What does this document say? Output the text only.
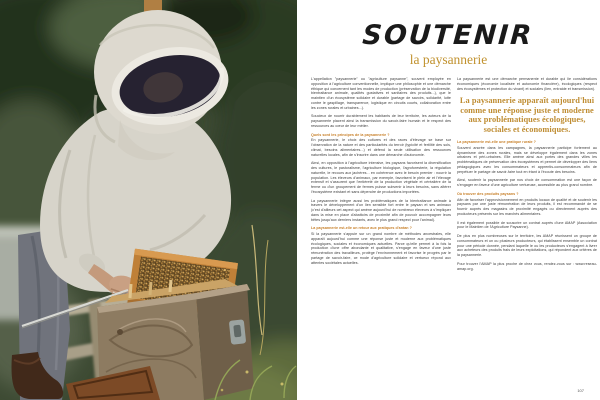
SOUTENIR
la paysannerie

L'appellation "paysannerie" ou "agriculture paysanne", souvent employée en opposition à l'agriculture conventionnelle, implique une philosophie et une démarche éthique qui concernent tant les modes de production (préservation de la biodiversité, bientraitance animale, qualités gustatives et sanitaires des produits...), que le maintien d'un écosystème solidaire et durable (partage de savoirs, solidarité, lutte contre le gaspillage, transparence, logistique en circuits courts, collaboration entre les zones rurales et urbaines...).

Soucieux de nourrir durablement les habitants de leur territoire, les acteurs de la paysannerie placent ainsi la transmission du savoir-faire humain et le respect des ressources au cœur de leur métier.

Quels sont les principes de la paysannerie ?

En paysannerie, le choix des cultures et des races d'élevage se base sur l'observation de la nature et des particularités du terroir (typicité et fertilité des sols, climat, besoins alimentaires...) et défend la seule utilisation des ressources naturelles locales, afin de s'inscrire dans une démarche d'autonomie.

Ainsi, en opposition à l'agriculture intensive, les paysans favorisent la diversification des cultures, le pastoralisme, l'agriculture biologique, l'agroforesterie, la régulation naturelle, le recours aux jachères... en cohérence avec le besoin premier : nourrir la population. Les éleveurs d'animaux, par exemple, favorisent le plein air et l'élevage extensif et s'assurent que l'entièreté de la production végétale et céréalière de la ferme ou d'un groupement de fermes puisse subvenir à leurs besoins, sans altérer l'écosystème existant et sans dépendre de productions importées.

La paysannerie intègre aussi les problématiques de la bientraitance animale à travers le développement d'un lien sensible fort entre le paysan et ses animaux (c'est d'ailleurs cet aspect qui amène aujourd'hui de nombreux éleveurs à s'impliquer dans la mise en place d'abattoirs de proximité afin de pouvoir accompagner leurs bêtes jusqu'aux derniers instants, avec le plus grand respect pour l'animal).

La paysannerie est-elle un retour aux pratiques d'antan ?

Si la paysannerie s'appuie sur un grand nombre de méthodes ancestrales, elle apparaît aujourd'hui comme une réponse juste et moderne aux problématiques écologiques, sociales et économiques actuelles. Parce qu'elle permet à la fois la production d'une offre abondante et qualitative, s'engage en faveur d'une juste rémunération des travailleurs, protège l'environnement et favorise le progrès par le partage de savoir-faire, ce mode d'agriculture solidaire et vertueux répond aux attentes sociétales actuelles.

La paysannerie est une démarche permanente et durable qui lie considérations économiques (économie localisée et autonomie financière), écologiques (respect des écosystèmes et protection du vivant) et sociales (lien, entraide et transmission).

La paysannerie apparaît aujourd'hui comme une réponse juste et moderne aux problématiques écologiques, sociales et économiques.

La paysannerie est-elle une pratique rurale ?

Souvent ancrée dans les campagnes, la paysannerie participe fortement au dynamisme des zones rurales, mais se développe également dans les zones urbaines et péri-urbaines. Elle amène ainsi aux portes des grandes villes les problématiques de préservation des écosystèmes et permet de développer des liens pédagogiques avec les consommateurs et apprentis-consommateurs afin de perpétuer le partage de savoir-faire tout en étant à l'écoute des besoins.

Ainsi, soutenir la paysannerie par nos choix de consommation est une façon de s'engager en faveur d'une agriculture vertueuse, accessible au plus grand nombre.

Où trouver des produits paysans ?

Afin de favoriser l'approvisionnement en produits locaux de qualité et de soutenir les paysans par une juste rémunération de leurs produits, il est recommandé de se fournir auprès des magasins de proximité engagés ou directement auprès des producteurs présents sur les marchés alimentaires.

Il est également possible de souscrire un contrat auprès d'une AMAP (Association pour le Maintien de l'Agriculture Paysanne).

De plus en plus nombreuses sur le territoire, les AMAP réunissent un groupe de consommateurs et un ou plusieurs producteurs, qui établissent ensemble un contrat pour une période donnée, pendant laquelle le ou les producteurs s'engagent à livrer aux acheteurs des produits frais de leurs exploitations, qui répondent aux critères de la paysannerie.

Pour trouver l'AMAP la plus proche de chez vous, rendez-vous sur : www.reseau-amap.org.

107
